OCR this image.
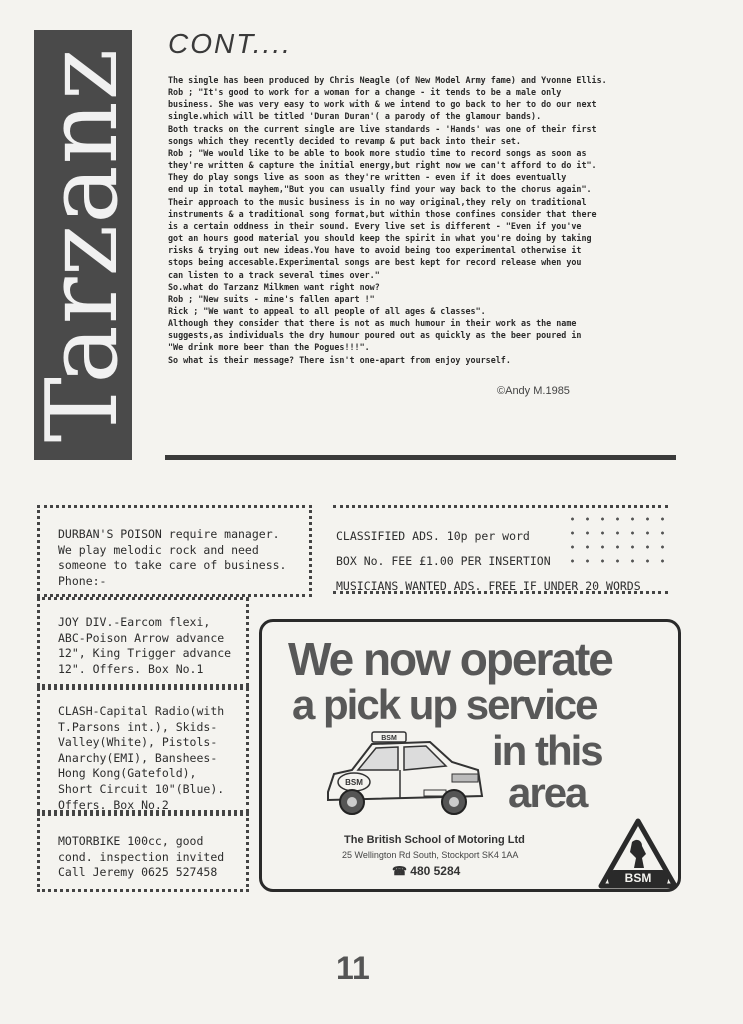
Tarzanz
CONT....

The single has been produced by Chris Neagle (of New Model Army fame) and Yvonne Ellis.

Rob ; "It's good to work for a woman for a change - it tends to be a male only

business. She was very easy to work with & we intend to go back to her to do our next

single.which will be titled 'Duran Duran'( a parody of the glamour bands).

Both tracks on the current single are live standards - 'Hands' was one of their first

songs which they recently decided to revamp & put back into their set.

Rob ; "We would like to be able to book more studio time to record songs as soon as

they're written & capture the initial energy,but right now we can't afford to do it".

They do play songs live as soon as they're written - even if it does eventually

end up in total mayhem,"But you can usually find your way back to the chorus again".

Their approach to the music business is in no way original,they rely on traditional

instruments & a traditional song format,but within those confines consider that there

is a certain oddness in their sound. Every live set is different - "Even if you've

got an hours good material you should keep the spirit in what you're doing by taking

risks & trying out new ideas.You have to avoid being too experimental otherwise it

stops being accesable.Experimental songs are best kept for record release when you

can listen to a track several times over."

So.what do Tarzanz Milkmen want right now?

Rob ; "New suits - mine's fallen apart !"

Rick ; "We want to appeal to all people of all ages & classes".

Although they consider that there is not as much humour in their work as the name

suggests,as individuals the dry humour poured out as quickly as the beer poured in

"We drink more beer than the Pogues!!!".

So what is their message? There isn't one-apart from enjoy yourself.

©Andy M.1985
DURBAN'S POISON require manager.
We play melodic rock and need
someone to take care of business.
Phone:-
JOY DIV.-Earcom flexi,
ABC-Poison Arrow advance
12", King Trigger advance
12". Offers. Box No.1
CLASH-Capital Radio(with
T.Parsons int.), Skids-
Valley(White), Pistols-
Anarchy(EMI), Banshees-
Hong Kong(Gatefold),
Short Circuit 10"(Blue).
Offers. Box No.2
MOTORBIKE 100cc, good
cond. inspection invited
Call Jeremy 0625 527458
CLASSIFIED ADS. 10p per word
BOX No. FEE £1.00 PER INSERTION
MUSICIANS WANTED ADS. FREE IF UNDER 20 WORDS
We now operate
a pick up service
in this
area
BSM
BSM
The British School of Motoring Ltd
25 Wellington Rd South, Stockport SK4 1AA
☎ 480 5284	BSM
11
